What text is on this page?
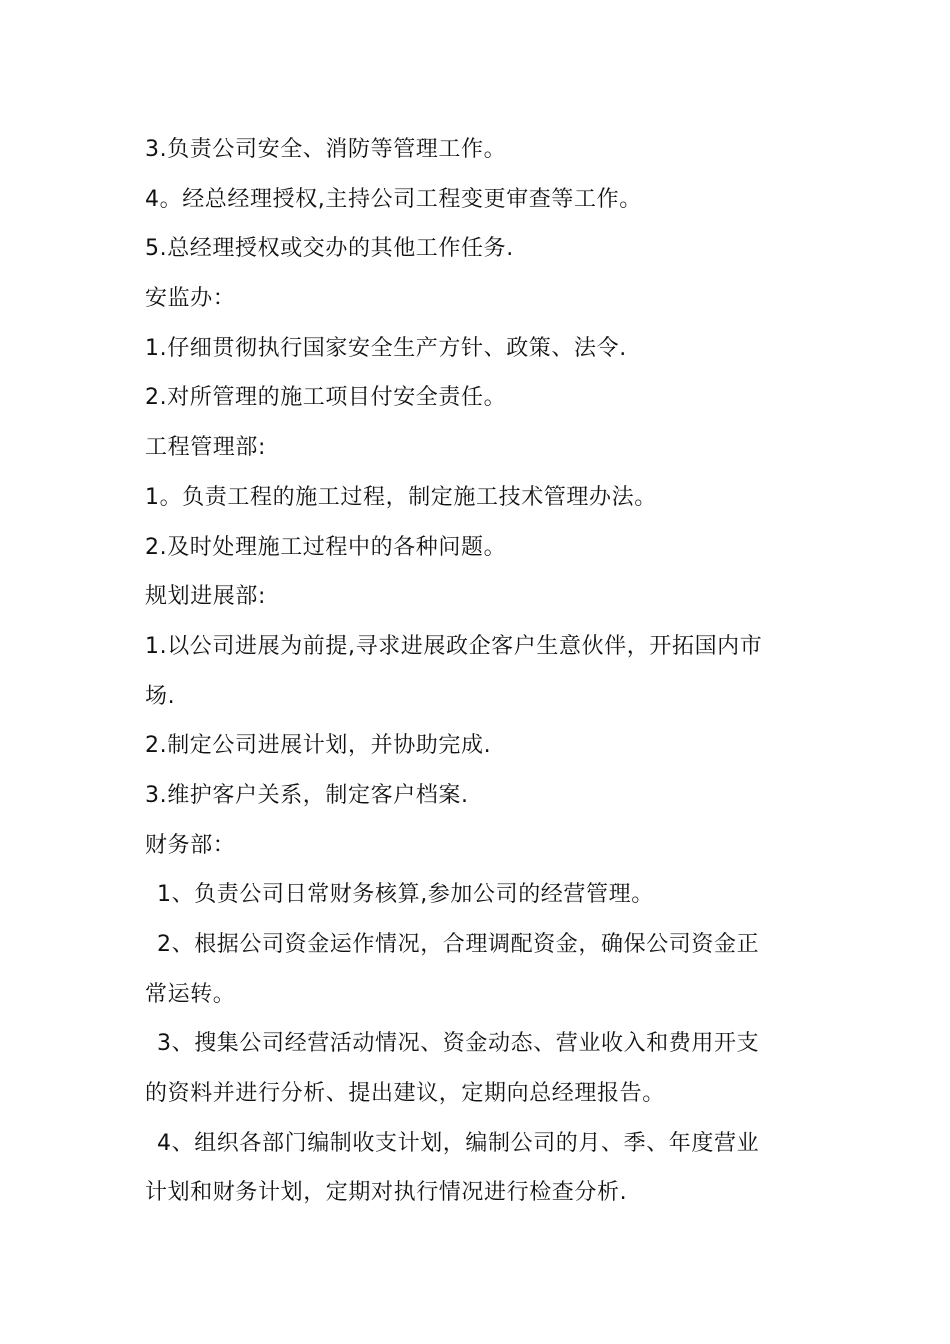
3.负责公司安全、消防等管理工作。
4。经总经理授权,主持公司工程变更审查等工作。
5.总经理授权或交办的其他工作任务.
安监办：
1.仔细贯彻执行国家安全生产方针、政策、法令.
2.对所管理的施工项目付安全责任。
工程管理部:
1。负责工程的施工过程，制定施工技术管理办法。
2.及时处理施工过程中的各种问题。
规划进展部:
1.以公司进展为前提,寻求进展政企客户生意伙伴，开拓国内市
场.
2.制定公司进展计划，并协助完成.
3.维护客户关系，制定客户档案.
财务部：
1、负责公司日常财务核算,参加公司的经营管理。
2、根据公司资金运作情况，合理调配资金，确保公司资金正
常运转。
3、搜集公司经营活动情况、资金动态、营业收入和费用开支
的资料并进行分析、提出建议，定期向总经理报告。
4、组织各部门编制收支计划，编制公司的月、季、年度营业
计划和财务计划，定期对执行情况进行检查分析.
